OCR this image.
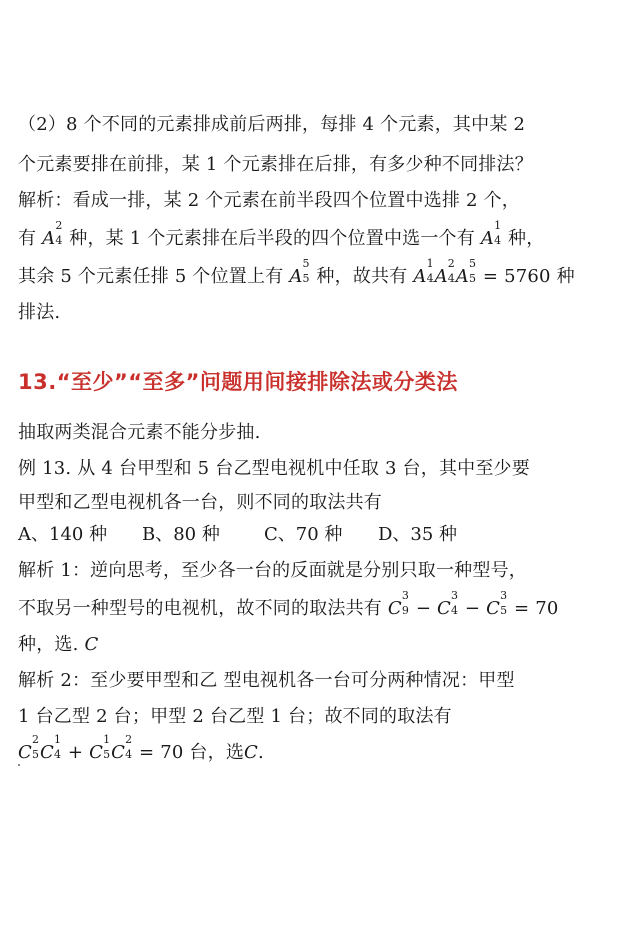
（2）8 个不同的元素排成前后两排，每排 4 个元素，其中某 2
个元素要排在前排，某 1 个元素排在后排，有多少种不同排法？
解析：看成一排，某 2 个元素在前半段四个位置中选排 2 个，
有 A
2
4 种，某 1 个元素排在后半段的四个位置中选一个有 A
1
4 种，
其余 5 个元素任排 5 个位置上有 A
5
5 种，故共有 A
1
4 A
2
4 A
5
5 = 5760 种
排法.
13.“至少”“至多”问题用间接排除法或分类法
抽取两类混合元素不能分步抽.
例 13. 从 4 台甲型和 5 台乙型电视机中任取 3 台，其中至少要
甲型和乙型电视机各一台，则不同的取法共有
A、140 种 B、80 种 C、70 种 D、35 种
解析 1：逆向思考，至少各一台的反面就是分别只取一种型号，
不取另一种型号的电视机，故不同的取法共有 C
3
9 − C
3
4 − C
3
5 = 70
种，选. C
解析 2：至少要甲型和乙 型电视机各一台可分两种情况：甲型
1 台乙型 2 台；甲型 2 台乙型 1 台；故不同的取法有
C
2
5 C
1
4 + C
1
5 C
2
4 = 70 台，选C.
